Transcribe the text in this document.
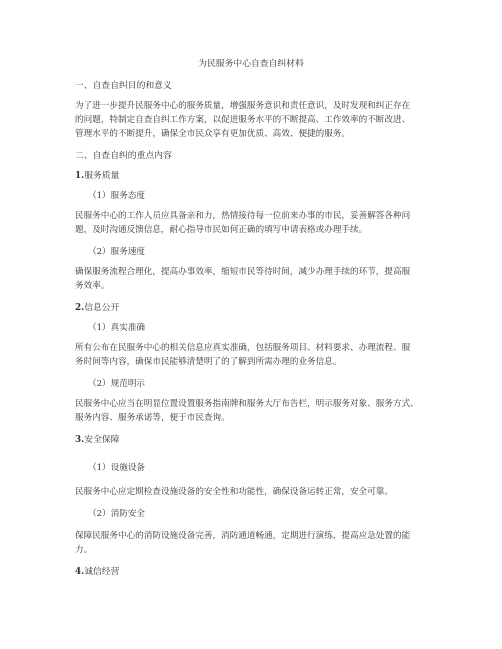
为民服务中心自查自纠材料
一、自查自纠目的和意义
为了进一步提升民服务中心的服务质量，增强服务意识和责任意识，及时发现和纠正存在
的问题，特制定自查自纠工作方案，以促进服务水平的不断提高、工作效率的不断改进、
管理水平的不断提升，确保全市民众享有更加优质、高效、便捷的服务。
二、自查自纠的重点内容
1.服务质量
（1）服务态度
民服务中心的工作人员应具备亲和力，热情接待每一位前来办事的市民，妥善解答各种问
题，及时沟通反馈信息，耐心指导市民如何正确的填写申请表格或办理手续。
（2）服务速度
确保服务流程合理化，提高办事效率，缩短市民等待时间，减少办理手续的环节，提高服
务效率。
2.信息公开
（1）真实准确
所有公布在民服务中心的相关信息应真实准确，包括服务项目、材料要求、办理流程、服
务时间等内容，确保市民能够清楚明了的了解到所需办理的业务信息。
（2）规范明示
民服务中心应当在明显位置设置服务指南牌和服务大厅布告栏，明示服务对象、服务方式、
服务内容、服务承诺等，便于市民查询。
3.安全保障
（1）设施设备
民服务中心应定期检查设施设备的安全性和功能性，确保设备运转正常，安全可靠。
（2）消防安全
保障民服务中心的消防设施设备完善，消防通道畅通，定期进行演练，提高应急处置的能
力。
4.诚信经营
